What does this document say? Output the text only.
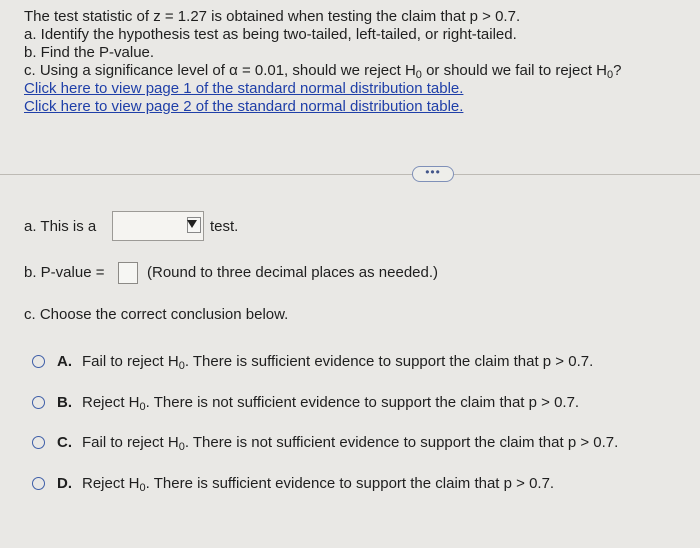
The test statistic of z = 1.27 is obtained when testing the claim that p > 0.7.
a. Identify the hypothesis test as being two-tailed, left-tailed, or right-tailed.
b. Find the P-value.
c. Using a significance level of α = 0.01, should we reject $H_0$ or should we fail to reject $H_0$?
Click here to view page 1 of the standard normal distribution table.
Click here to view page 2 of the standard normal distribution table.
•••
a. This is a	test.
b. P-value =	(Round to three decimal places as needed.)
c. Choose the correct conclusion below.
A. Fail to reject $H_0$. There is sufficient evidence to support the claim that p > 0.7.
B. Reject $H_0$. There is not sufficient evidence to support the claim that p > 0.7.
C. Fail to reject $H_0$. There is not sufficient evidence to support the claim that p > 0.7.
D. Reject $H_0$. There is sufficient evidence to support the claim that p > 0.7.
